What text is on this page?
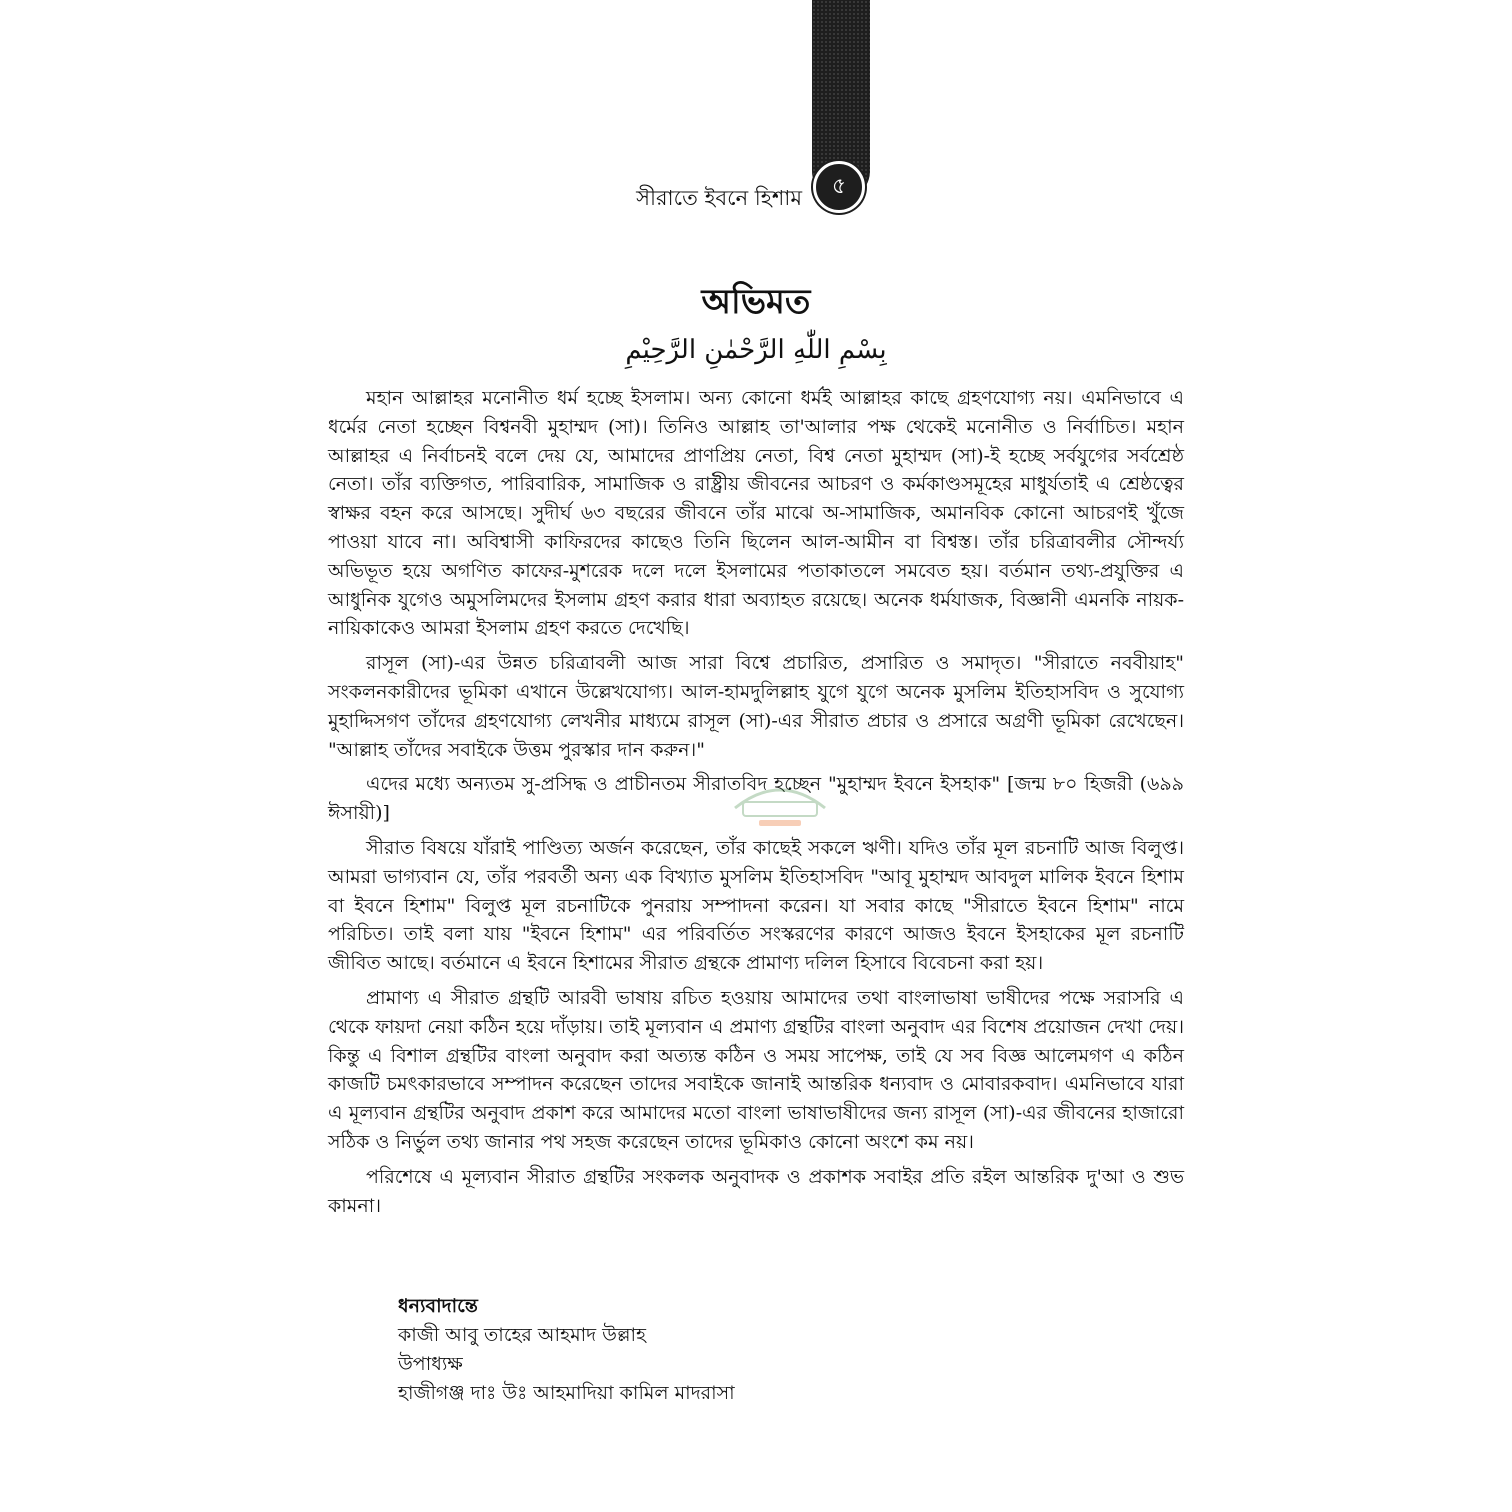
৫
সীরাতে ইবনে হিশাম
অভিমত
بِسْمِ اللّٰهِ الرَّحْمٰنِ الرَّحِيْمِ

মহান আল্লাহর মনোনীত ধর্ম হচ্ছে ইসলাম। অন্য কোনো ধর্মই আল্লাহর কাছে গ্রহণযোগ্য নয়। এমনিভাবে এ ধর্মের নেতা হচ্ছেন বিশ্বনবী মুহাম্মদ (সা)। তিনিও আল্লাহ তা'আলার পক্ষ থেকেই মনোনীত ও নির্বাচিত। মহান আল্লাহর এ নির্বাচনই বলে দেয় যে, আমাদের প্রাণপ্রিয় নেতা, বিশ্ব নেতা মুহাম্মদ (সা)-ই হচ্ছে সর্বযুগের সর্বশ্রেষ্ঠ নেতা। তাঁর ব্যক্তিগত, পারিবারিক, সামাজিক ও রাষ্ট্রীয় জীবনের আচরণ ও কর্মকাণ্ডসমূহের মাধুর্যতাই এ শ্রেষ্ঠত্বের স্বাক্ষর বহন করে আসছে। সুদীর্ঘ ৬৩ বছরের জীবনে তাঁর মাঝে অ-সামাজিক, অমানবিক কোনো আচরণই খুঁজে পাওয়া যাবে না। অবিশ্বাসী কাফিরদের কাছেও তিনি ছিলেন আল-আমীন বা বিশ্বস্ত। তাঁর চরিত্রাবলীর সৌন্দর্য্য অভিভূত হয়ে অগণিত কাফের-মুশরেক দলে দলে ইসলামের পতাকাতলে সমবেত হয়। বর্তমান তথ্য-প্রযুক্তির এ আধুনিক যুগেও অমুসলিমদের ইসলাম গ্রহণ করার ধারা অব্যাহত রয়েছে। অনেক ধর্মযাজক, বিজ্ঞানী এমনকি নায়ক-নায়িকাকেও আমরা ইসলাম গ্রহণ করতে দেখেছি।

রাসূল (সা)-এর উন্নত চরিত্রাবলী আজ সারা বিশ্বে প্রচারিত, প্রসারিত ও সমাদৃত। "সীরাতে নববীয়াহ" সংকলনকারীদের ভূমিকা এখানে উল্লেখযোগ্য। আল-হামদুলিল্লাহ যুগে যুগে অনেক মুসলিম ইতিহাসবিদ ও সুযোগ্য মুহাদ্দিসগণ তাঁদের গ্রহণযোগ্য লেখনীর মাধ্যমে রাসূল (সা)-এর সীরাত প্রচার ও প্রসারে অগ্রণী ভূমিকা রেখেছেন। "আল্লাহ তাঁদের সবাইকে উত্তম পুরস্কার দান করুন।"

এদের মধ্যে অন্যতম সু-প্রসিদ্ধ ও প্রাচীনতম সীরাতবিদ হচ্ছেন "মুহাম্মদ ইবনে ইসহাক" [জন্ম ৮০ হিজরী (৬৯৯ ঈসায়ী)]

সীরাত বিষয়ে যাঁরাই পাণ্ডিত্য অর্জন করেছেন, তাঁর কাছেই সকলে ঋণী। যদিও তাঁর মূল রচনাটি আজ বিলুপ্ত। আমরা ভাগ্যবান যে, তাঁর পরবর্তী অন্য এক বিখ্যাত মুসলিম ইতিহাসবিদ "আবূ মুহাম্মদ আবদুল মালিক ইবনে হিশাম বা ইবনে হিশাম" বিলুপ্ত মূল রচনাটিকে পুনরায় সম্পাদনা করেন। যা সবার কাছে "সীরাতে ইবনে হিশাম" নামে পরিচিত। তাই বলা যায় "ইবনে হিশাম" এর পরিবর্তিত সংস্করণের কারণে আজও ইবনে ইসহাকের মূল রচনাটি জীবিত আছে। বর্তমানে এ ইবনে হিশামের সীরাত গ্রন্থকে প্রামাণ্য দলিল হিসাবে বিবেচনা করা হয়।

প্রামাণ্য এ সীরাত গ্রন্থটি আরবী ভাষায় রচিত হওয়ায় আমাদের তথা বাংলাভাষা ভাষীদের পক্ষে সরাসরি এ থেকে ফায়দা নেয়া কঠিন হয়ে দাঁড়ায়। তাই মূল্যবান এ প্রমাণ্য গ্রন্থটির বাংলা অনুবাদ এর বিশেষ প্রয়োজন দেখা দেয়। কিন্তু এ বিশাল গ্রন্থটির বাংলা অনুবাদ করা অত্যন্ত কঠিন ও সময় সাপেক্ষ, তাই যে সব বিজ্ঞ আলেমগণ এ কঠিন কাজটি চমৎকারভাবে সম্পাদন করেছেন তাদের সবাইকে জানাই আন্তরিক ধন্যবাদ ও মোবারকবাদ। এমনিভাবে যারা এ মূল্যবান গ্রন্থটির অনুবাদ প্রকাশ করে আমাদের মতো বাংলা ভাষাভাষীদের জন্য রাসূল (সা)-এর জীবনের হাজারো সঠিক ও নির্ভুল তথ্য জানার পথ সহজ করেছেন তাদের ভূমিকাও কোনো অংশে কম নয়।

পরিশেষে এ মূল্যবান সীরাত গ্রন্থটির সংকলক অনুবাদক ও প্রকাশক সবাইর প্রতি রইল আন্তরিক দু'আ ও শুভ কামনা।

ধন্যবাদান্তে
কাজী আবু তাহের আহমাদ উল্লাহ
উপাধ্যক্ষ
হাজীগঞ্জ দাঃ উঃ আহমাদিয়া কামিল মাদরাসা
